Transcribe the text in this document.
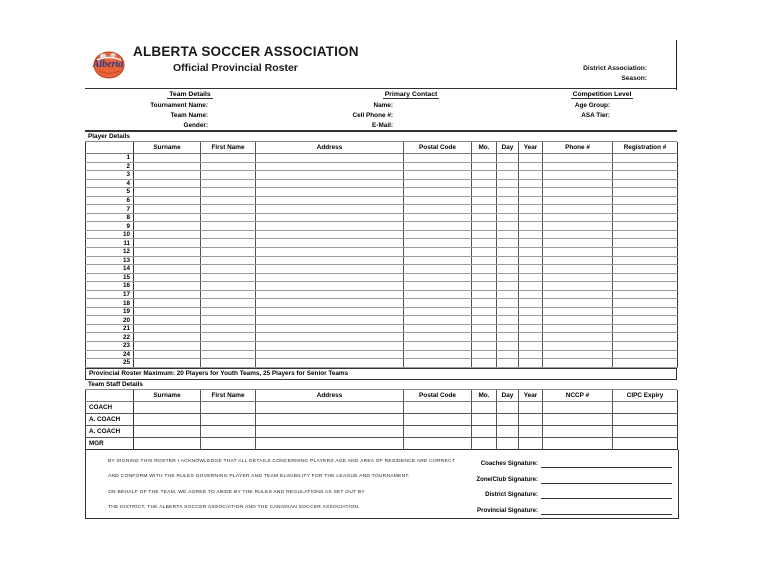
Alberta
ALBERTA SOCCER ASSOCIATION
Official Provincial Roster	District Association:
Season:
Team Details		Primary Contact		Competition Level	
Tournament Name:		Name:		Age Group:	
Team Name:		Cell Phone #:		ASA Tier:	
Gender:		E-Mail:			
Player Details
	Surname	First Name	Address	Postal Code	Mo.	Day	Year	Phone #	Registration #
1									
2									
3									
4									
5									
6									
7									
8									
9									
10									
11									
12									
13									
14									
15									
16									
17									
18									
19									
20									
21									
22									
23									
24									
25									
Provincial Roster Maximum: 20 Players for Youth Teams, 25 Players for Senior Teams
Team Staff Details
	Surname	First Name	Address	Postal Code	Mo.	Day	Year	NCCP #	CIPC Expiry
COACH									
A. COACH									
A. COACH									
MGR									
BY SIGNING THIS ROSTER I ACKNOWLEDGE THAT ALL DETAILS CONCERNING PLAYERS AGE AND AREA OF RESIDENCE ARE CORRECT
AND CONFORM WITH THE RULES GOVERNING PLAYER AND TEAM ELIGIBILITY FOR THE LEAGUE AND TOURNAMENT.
ON BEHALF OF THE TEAM, WE AGREE TO ABIDE BY THE RULES AND REGULATIONS AS SET OUT BY
THE DISTRICT, THE ALBERTA SOCCER ASSOCIATION AND THE CANADIAN SOCCER ASSOCIATION.
Coaches Signature:
Zone/Club Signature:
District Signature:
Provincial Signature:
